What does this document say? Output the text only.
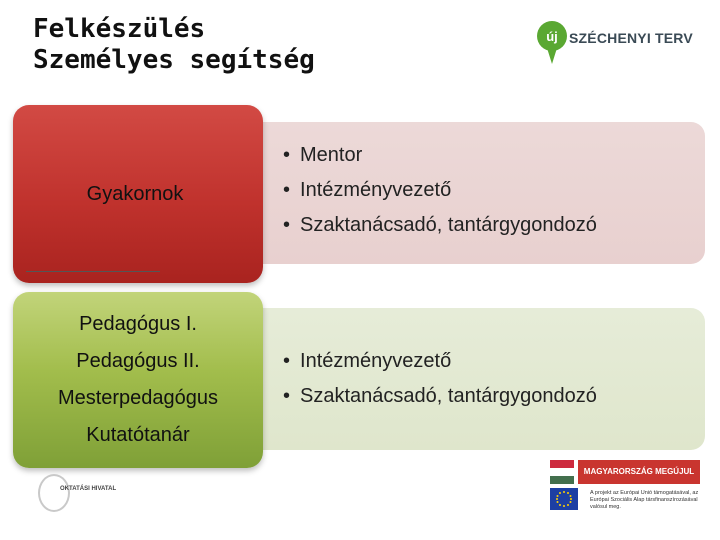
Felkészülés
Személyes segítség
új SZÉCHENYI TERV
Gyakornok
Pedagógus I.
Pedagógus II.
Mesterpedagógus
Kutatótanár
• Mentor
• Intézményvezető
• Szaktanácsadó, tantárgygondozó
• Intézményvezető
• Szaktanácsadó, tantárgygondozó
OKTATÁSI HIVATAL
MAGYARORSZÁG MEGÚJUL
A projekt az Európai Unió támogatásával, az Európai Szociális Alap társfinanszírozásával valósul meg.
